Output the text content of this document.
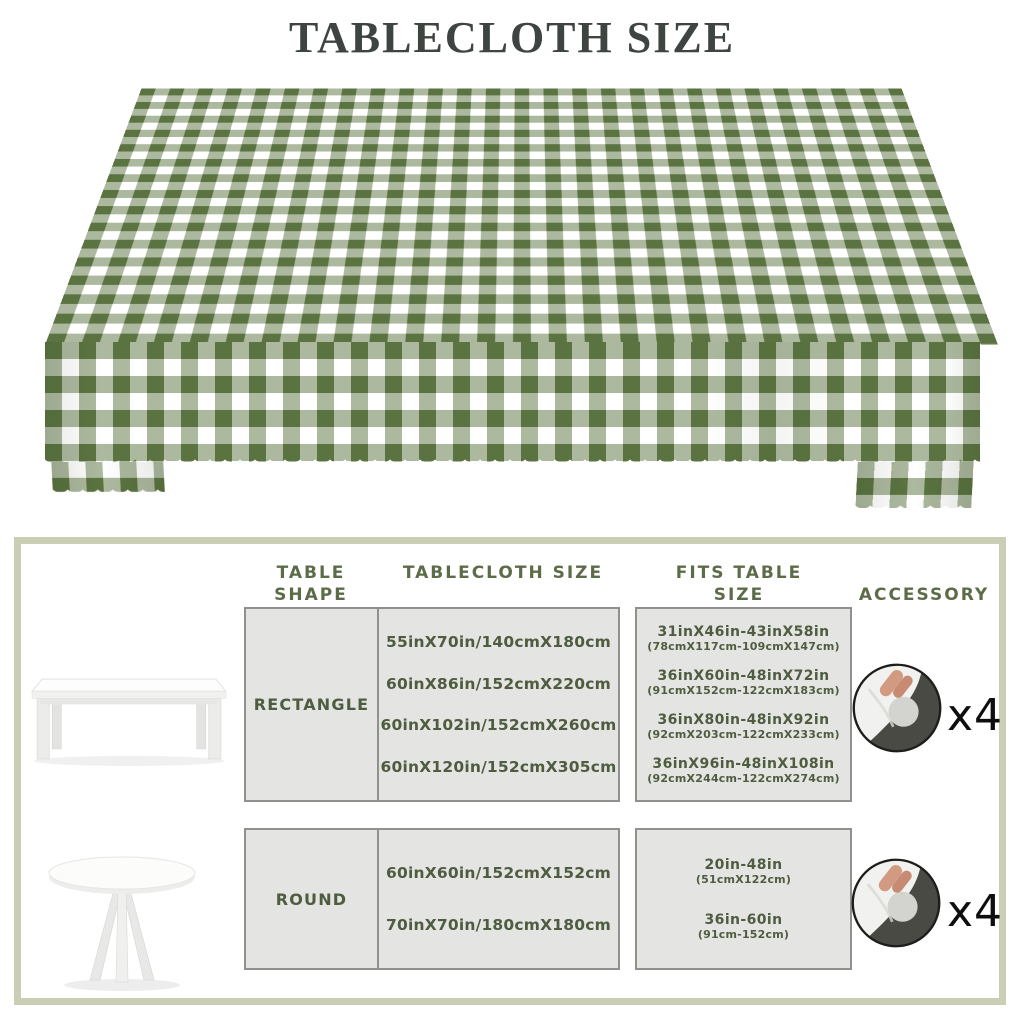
TABLECLOTH SIZE
TABLE SHAPE
TABLECLOTH SIZE	FITS TABLE SIZE	ACCESSORY
RECTANGLE
55inX70in/140cmX180cm
60inX86in/152cmX220cm
60inX102in/152cmX260cm
60inX120in/152cmX305cm
31inX46in-43inX58in
(78cmX117cm-109cmX147cm)
36inX60in-48inX72in
(91cmX152cm-122cmX183cm)
36inX80in-48inX92in
(92cmX203cm-122cmX233cm)
36inX96in-48inX108in
(92cmX244cm-122cmX274cm)
ROUND
60inX60in/152cmX152cm
70inX70in/180cmX180cm
20in-48in
(51cmX122cm)
36in-60in
(91cm-152cm)
x4
x4
